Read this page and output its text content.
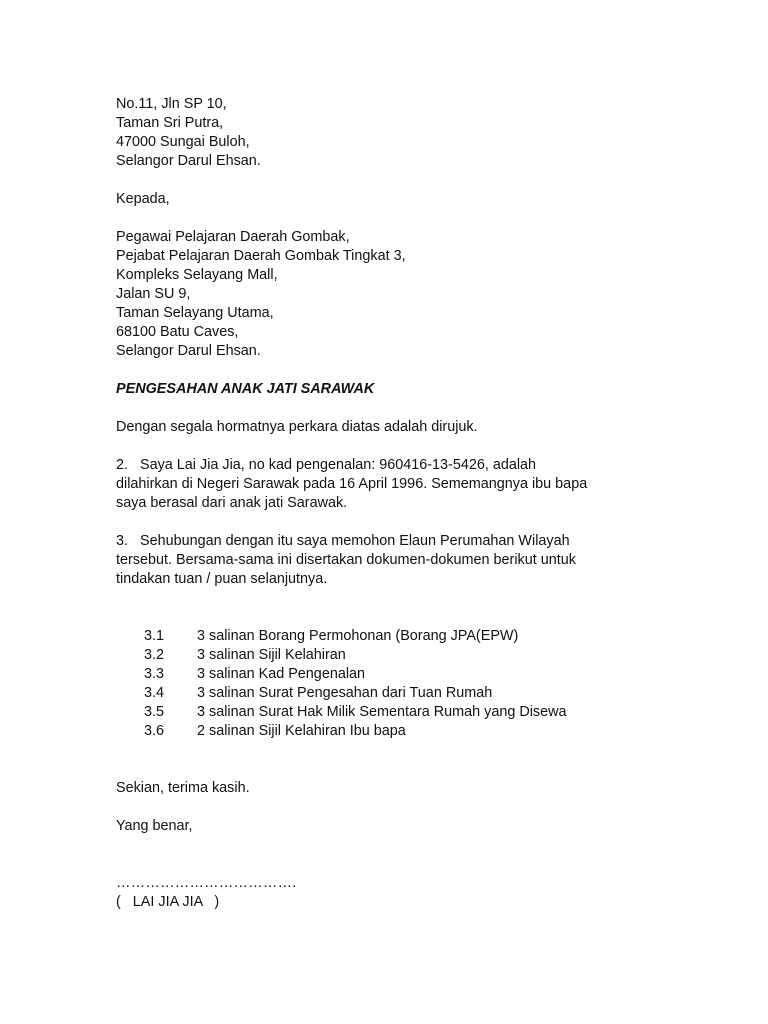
No.11, Jln SP 10,
Taman Sri Putra,
47000 Sungai Buloh,
Selangor Darul Ehsan.
Kepada,
Pegawai Pelajaran Daerah Gombak,
Pejabat Pelajaran Daerah Gombak Tingkat 3,
Kompleks Selayang Mall,
Jalan SU 9,
Taman Selayang Utama,
68100 Batu Caves,
Selangor Darul Ehsan.
PENGESAHAN ANAK JATI SARAWAK
Dengan segala hormatnya perkara diatas adalah dirujuk.
2.   Saya Lai Jia Jia, no kad pengenalan: 960416-13-5426, adalah
dilahirkan di Negeri Sarawak pada 16 April 1996. Sememangnya ibu bapa
saya berasal dari anak jati Sarawak.
3.   Sehubungan dengan itu saya memohon Elaun Perumahan Wilayah
tersebut. Bersama-sama ini disertakan dokumen-dokumen berikut untuk
tindakan tuan / puan selanjutnya.
3.1	3 salinan Borang Permohonan (Borang JPA(EPW)
3.2	3 salinan Sijil Kelahiran
3.3	3 salinan Kad Pengenalan
3.4	3 salinan Surat Pengesahan dari Tuan Rumah
3.5	3 salinan Surat Hak Milik Sementara Rumah yang Disewa
3.6	2 salinan Sijil Kelahiran Ibu bapa
Sekian, terima kasih.
Yang benar,
……………………………….
(   LAI JIA JIA   )
